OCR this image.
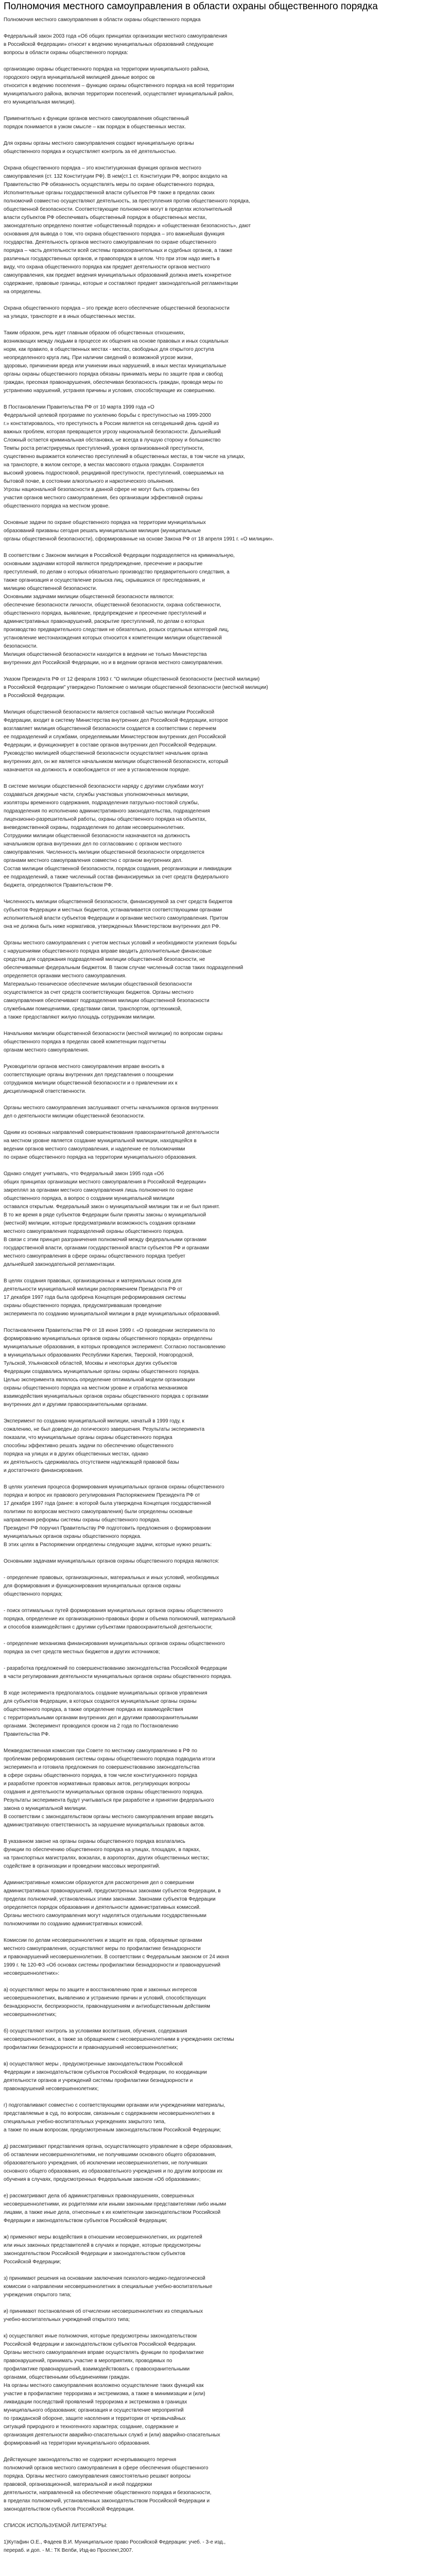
Полномочия местного самоуправления в области охраны общественного порядка

Полномочия местного самоуправления в области охраны общественного порядка

Федеральный закон 2003 года «Об общих принципах организации местного самоуправления

в Российской Федерации» относит к ведению муниципальных образований следующие

вопросы в области охраны общественного порядка:

организацию охраны общественного порядка на территории муниципального района,

городского округа муниципальной милицией данные вопрос ов

относится к ведению поселения – функцию охраны общественного порядка на всей территории

муниципального района, включая территории поселений, осуществляет муниципальный район,

его муниципальная милиция).

Применительно к функции органов местного самоуправления общественный

порядок понимается в узком смысле – как порядок в общественных местах.

Для охраны органы местного самоуправления создают муниципальную органы

общественного порядка и осуществляет контроль за её деятельностью.

Охрана общественного порядка – это конституционная функция органов местного

самоуправления (ст. 132 Конституции РФ). В нем(ст.1 ст. Конституции РФ, вопрос входило на

Правительство РФ обязанность осуществлять меры по охране общественного порядка,

Исполнительные органы государственной власти субъектов РФ также в пределах своих

полномочий совместно осуществляют деятельность, за преступления против общественного порядка,

общественной безопасности. Соответствующие полномочия могут в пределах исполнительной

власти субъектов РФ обеспечивать общественный порядок в общественных местах,

законодательно определено понятие «общественный порядок» и «общественная безопасность», дают

основания для вывода о том, что охрана общественного порядка – это важнейшая функция

государства. Деятельность органов местного самоуправления по охране общественного

порядка – часть деятельности всей системы правоохранительных и судебных органов, а также

различных государственных органов, и правопорядок в целом. Что при этом надо иметь в

виду, что охрана общественного порядка как предмет деятельности органов местного

самоуправления, как предмет ведения муниципальных образований должна иметь конкретное

содержание, правовые границы, которые и составляют предмет законодательной регламентации

на определены.

Охрана общественного порядка – это прежде всего обеспечение общественной безопасности

на улицах, транспорте и в иных общественных местах.

Таким образом, речь идет главным образом об общественных отношениях,

возникающих между людьми в процессе их общения на основе правовых и иных социальных

норм, как правило, в общественных местах - местах, свободных для открытого доступа

неопределенного круга лиц. При наличии сведений о возможной угрозе жизни,

здоровью, причинении вреда или учинении иных нарушений, в иных местах муниципальные

органы охраны общественного порядка обязаны принимать меры по защите прав и свобод

граждан, пресекая правонарушения, обеспечивая безопасность граждан, проводя меры по

устранению нарушений, устраняя причины и условия, способствующие их совершению.

В Постановлении Правительства РФ от 10 марта 1999 года «О

Федеральной целевой программе по усилению борьбы с преступностью на 1999-2000

г.» констатировалось, что преступность в России является на сегодняшний день одной из

важных проблем, которая превращается угрозу национальной безопасности. Дальнейший

Сложный остается криминальная обстановка, не всегда в лучшую сторону и большинство

Темпы роста регистрируемых преступлений, уровня организованной преступности,

существенно выражается количество преступлений в общественных местах, в том числе на улицах,

на транспорте, в жилом секторе, в местах массового отдыха граждан. Сохраняется

высокий уровень подростковой, рецидивной преступности, преступлений, совершаемых на

бытовой почве, в состоянии алкогольного и наркотического опьянения.

Угрозы национальной безопасности в данной сфере не могут быть отражены без

участия органов местного самоуправления, без организации эффективной охраны

общественного порядка на местном уровне.

Основные задачи по охране общественного порядка на территории муниципальных

образований призваны сегодня решать муниципальная милиция (муниципальные

органы общественной безопасности), сформированные на основе Закона РФ от 18 апреля 1991 г. «О милиции».

В соответствии с Законом милиция в Российской Федерации подразделяется на криминальную,

основными задачами которой являются предупреждение, пресечение и раскрытие

преступлений, по делам о которых обязательно производство предварительного следствия, а

также организация и осуществление розыска лиц, скрывшихся от преследования, и

милицию общественной безопасности.

Основными задачами милиции общественной безопасности являются:

обеспечение безопасности личности, общественной безопасности, охрана собственности,

общественного порядка, выявление, предупреждение и пресечение преступлений и

административных правонарушений, раскрытие преступлений, по делам о которых

производство предварительного следствия не обязательно, розыск отдельных категорий лиц,

установление местонахождения которых относится к компетенции милиции общественной

безопасности.

Милиция общественной безопасности находится в ведении не только Министерства

внутренних дел Российской Федерации, но и в ведении органов местного самоуправления.

Указом Президента РФ от 12 февраля 1993 г. "О милиции общественной безопасности (местной милиции)

в Российской Федерации" утверждено Положение о милиции общественной безопасности (местной милиции)

в Российской Федерации.

Милиция общественной безопасности является составной частью милиции Российской

Федерации, входит в систему Министерства внутренних дел Российской Федерации, которое

возглавляет милиция общественной безопасности создается в соответствии с перечнем

ее подразделений и службами, определяемыми Министерством внутренних дел Российской

Федерации, и функционирует в составе органов внутренних дел Российской Федерации.

Руководство милицией общественной безопасности осуществляет начальник органа

внутренних дел, он же является начальником милиции общественной безопасности, который

назначается на должность и освобождается от нее в установленном порядке.

В системе милиции общественной безопасности наряду с другими службами могут

создаваться дежурные части, службы участковых уполномоченных милиции,

изоляторы временного содержания, подразделения патрульно-постовой службы,

подразделения по исполнению административного законодательства, подразделения

лицензионно-разрешительной работы, охраны общественного порядка на объектах,

вневедомственной охраны, подразделения по делам несовершеннолетних.

Сотрудники милиции общественной безопасности назначаются на должность

начальником органа внутренних дел по согласованию с органом местного

самоуправления. Численность милиции общественной безопасности определяется

органами местного самоуправления совместно с органом внутренних дел.

Состав милиции общественной безопасности, порядок создания, реорганизации и ликвидации

ее подразделений, а также численный состав финансируемых за счет средств федерального

бюджета, определяются Правительством РФ.

Численность милиции общественной безопасности, финансируемой за счет средств бюджетов

субъектов Федерации и местных бюджетов, устанавливается соответствующими органами

исполнительной власти субъектов Федерации и органами местного самоуправления. Притом

она не должна быть ниже нормативов, утвержденных Министерством внутренних дел РФ.

Органы местного самоуправления с учетом местных условий и необходимости усиления борьбы

с нарушениями общественного порядка вправе вводить дополнительные финансовые

средства для содержания подразделений милиции общественной безопасности, не

обеспечиваемые федеральным бюджетом. В таком случае численный состав таких подразделений

определяется органами местного самоуправления.

Материально-техническое обеспечение милиции общественной безопасности

осуществляется за счет средств соответствующих бюджетов. Органы местного

самоуправления обеспечивают подразделения милиции общественной безопасности

служебными помещениями, средствами связи, транспортом, оргтехникой,

а также предоставляют жилую площадь сотрудникам милиции.

Начальники милиции общественной безопасности (местной милиции) по вопросам охраны

общественного порядка в пределах своей компетенции подотчетны

органам местного самоуправления.

Руководители органов местного самоуправления вправе вносить в

соответствующие органы внутренних дел представления о поощрении

сотрудников милиции общественной безопасности и о привлечении их к

дисциплинарной ответственности.

Органы местного самоуправления заслушивают отчеты начальников органов внутренних

дел о деятельности милиции общественной безопасности.

Одним из основных направлений совершенствования правоохранительной деятельности

на местном уровне является создание муниципальной милиции, находящейся в

ведении органов местного самоуправления, и наделение ее полномочиями

по охране общественного порядка на территории муниципального образования.

Однако следует учитывать, что Федеральный закон 1995 года «Об

общих принципах организации местного самоуправления в Российской Федерации»

закреплял за органами местного самоуправления лишь полномочия по охране

общественного порядка, а вопрос о создании муниципальной милиции

оставался открытым. Федеральный закон о муниципальной милиции так и не был принят.

В то же время в ряде субъектов Федерации были приняты законы о муниципальной

(местной) милиции, которые предусматривали возможность создания органами

местного самоуправления подразделений охраны общественного порядка.

В связи с этим принцип разграничения полномочий между федеральными органами

государственной власти, органами государственной власти субъектов РФ и органами

местного самоуправления в сфере охраны общественного порядка требует

дальнейшей законодательной регламентации.

В целях создания правовых, организационных и материальных основ для

деятельности муниципальной милиции распоряжением Президента РФ от

17 декабря 1997 года была одобрена Концепция реформирования системы

охраны общественного порядка, предусматривавшая проведение

эксперимента по созданию муниципальной милиции в ряде муниципальных образований.

Постановлением Правительства РФ от 18 июня 1999 г. «О проведении эксперимента по

формированию муниципальных органов охраны общественного порядка» определены

муниципальные образования, в которых проводился эксперимент. Согласно постановлению

в муниципальных образованиях Республики Карелия, Тверской, Новгородской,

Тульской, Ульяновской областей, Москвы и некоторых других субъектов

Федерации создавались муниципальные органы охраны общественного порядка.

Целью эксперимента являлось определение оптимальной модели организации

охраны общественного порядка на местном уровне и отработка механизмов

взаимодействия муниципальных органов охраны общественного порядка с органами

внутренних дел и другими правоохранительными органами.

Эксперимент по созданию муниципальной милиции, начатый в 1999 году, к

сожалению, не был доведен до логического завершения. Результаты эксперимента

показали, что муниципальные органы охраны общественного порядка

способны эффективно решать задачи по обеспечению общественного

порядка на улицах и в других общественных местах, однако

их деятельность сдерживалась отсутствием надлежащей правовой базы

и достаточного финансирования.

В целях усиления процесса формирования муниципальных органов охраны общественного

порядка и вопрос их правового регулирования Распоряжением Президента РФ от

17 декабря 1997 года (ранее: в которой была утверждена Концепция государственной

политики по вопросам местного самоуправления) были определены основные

направления реформы системы охраны общественного порядка.

Президент РФ поручил Правительству РФ подготовить предложения о формировании

муниципальных органов охраны общественного порядка.

В этих целях в Распоряжении определены следующие задачи, которые нужно решить:

Основными задачами муниципальных органов охраны общественного порядка являются:

- определение правовых, организационных, материальных и иных условий, необходимых

для формирования и функционирования муниципальных органов охраны

общественного порядка;

- поиск оптимальных путей формирования муниципальных органов охраны общественного

порядка, определение их организационно-правовых форм и объема полномочий, материальной

и способов взаимодействия с другими субъектами правоохранительной деятельности;

- определение механизма финансирования муниципальных органов охраны общественного

порядка за счет средств местных бюджетов и других источников;

- разработка предложений по совершенствованию законодательства Российской Федерации

в части регулирования деятельности муниципальных органов охраны общественного порядка.

В ходе эксперимента предполагалось создание муниципальных органов управления

для субъектов Федерации, в которых создаются муниципальные органы охраны

общественного порядка, а также определение порядка их взаимодействия

с территориальными органами внутренних дел и другими правоохранительными

органами. Эксперимент проводился сроком на 2 года по Постановлению

Правительства РФ.

Межведомственная комиссия при Совете по местному самоуправлению в РФ по

проблемам реформирования системы охраны общественного порядка подводила итоги

эксперимента и готовила предложения по совершенствованию законодательства

в сфере охраны общественного порядка, в том числе конституционного порядка

и разработке проектов нормативных правовых актов, регулирующих вопросы

создания и деятельности муниципальных органов охраны общественного порядка.

Результаты эксперимента будут учитываться при разработке и принятии федерального

закона о муниципальной милиции.

В соответствии с законодательством органы местного самоуправления вправе вводить

административную ответственность за нарушение муниципальных правовых актов.

В указанном законе на органы охраны общественного порядка возлагались

функции по обеспечению общественного порядка на улицах, площадях, в парках,

на транспортных магистралях, вокзалах, в аэропортах, других общественных местах;

содействие в организации и проведении массовых мероприятий.

Административные комиссии образуются для рассмотрения дел о совершении

административных правонарушений, предусмотренных законами субъектов Федерации, в

пределах полномочий, установленных этими законами. Законами субъектов Федерации

определяется порядок образования и деятельности административных комиссий.

Органы местного самоуправления могут наделяться отдельными государственными

полномочиями по созданию административных комиссий.

Комиссии по делам несовершеннолетних и защите их прав, образуемые органами

местного самоуправления, осуществляют меры по профилактике безнадзорности

и правонарушений несовершеннолетних. В соответствии с Федеральным законом от 24 июня

1999 г. № 120-ФЗ «Об основах системы профилактики безнадзорности и правонарушений

несовершеннолетних»:

а) осуществляют меры по защите и восстановлению прав и законных интересов

несовершеннолетних, выявлению и устранению причин и условий, способствующих

безнадзорности, беспризорности, правонарушениям и антиобщественным действиям

несовершеннолетних;

б) осуществляют контроль за условиями воспитания, обучения, содержания

несовершеннолетних, а также за обращением с несовершеннолетними в учреждениях системы

профилактики безнадзорности и правонарушений несовершеннолетних;

в) осуществляют меры , предусмотренные законодательством Российской

Федерации и законодательством субъектов Российской Федерации, по координации

деятельности органов и учреждений системы профилактики безнадзорности и

правонарушений несовершеннолетних;

г) подготавливают совместно с соответствующими органами или учреждениями материалы,

представляемые в суд, по вопросам, связанным с содержанием несовершеннолетних в

специальных учебно-воспитательных учреждениях закрытого типа,

а также по иным вопросам, предусмотренным законодательством Российской Федерации;

д) рассматривают представления органа, осуществляющего управление в сфере образования,

об оставлении несовершеннолетними, не получившими основного общего образования,

образовательного учреждения, об исключении несовершеннолетних, не получивших

основного общего образования, из образовательного учреждения и по другим вопросам их

обучения в случаях, предусмотренных Федеральным законом «Об образовании»;

е) рассматривают дела об административных правонарушениях, совершенных

несовершеннолетними, их родителями или иными законными представителями либо иными

лицами, а также иные дела, отнесенные к их компетенции законодательством Российской

Федерации и законодательством субъектов Российской Федерации;

ж) применяют меры воздействия в отношении несовершеннолетних, их родителей

или иных законных представителей в случаях и порядке, которые предусмотрены

законодательством Российской Федерации и законодательством субъектов

Российской Федерации;

з) принимают решения на основании заключения психолого-медико-педагогической

комиссии о направлении несовершеннолетних в специальные учебно-воспитательные

учреждения открытого типа;

и) принимают постановления об отчислении несовершеннолетних из специальных

учебно-воспитательных учреждений открытого типа;

к) осуществляют иные полномочия, которые предусмотрены законодательством

Российской Федерации и законодательством субъектов Российской Федерации.

Органы местного самоуправления вправе осуществлять функции по профилактике

правонарушений, принимать участие в мероприятиях, проводимых по

профилактике правонарушений, взаимодействовать с правоохранительными

органами, общественными объединениями граждан.

На органы местного самоуправления возложено осуществление таких функций как

участие в профилактике терроризма и экстремизма, а также в минимизации и (или)

ликвидации последствий проявлений терроризма и экстремизма в границах

муниципального образования; организация и осуществление мероприятий

по гражданской обороне, защите населения и территории от чрезвычайных

ситуаций природного и техногенного характера; создание, содержание и

организация деятельности аварийно-спасательных служб и (или) аварийно-спасательных

формирований на территории муниципального образования.

Действующее законодательство не содержит исчерпывающего перечня

полномочий органов местного самоуправления в сфере обеспечения общественного

порядка. Органы местного самоуправления самостоятельно решают вопросы

правовой, организационной, материальной и иной поддержки

деятельности, направленной на обеспечение общественного порядка и безопасности,

в пределах полномочий, установленных законодательством Российской Федерации и

законодательством субъектов Российской Федерации.

СПИСОК ИСПОЛЬЗУЕМОЙ ЛИТЕРАТУРЫ:

1)Кутафин О.Е., Фадеев В.И. Муниципальное право Российской Федерации: учеб. - 3-е изд.,

перераб. и доп. - М.: ТК Велби, Изд-во Проспект,2007.
